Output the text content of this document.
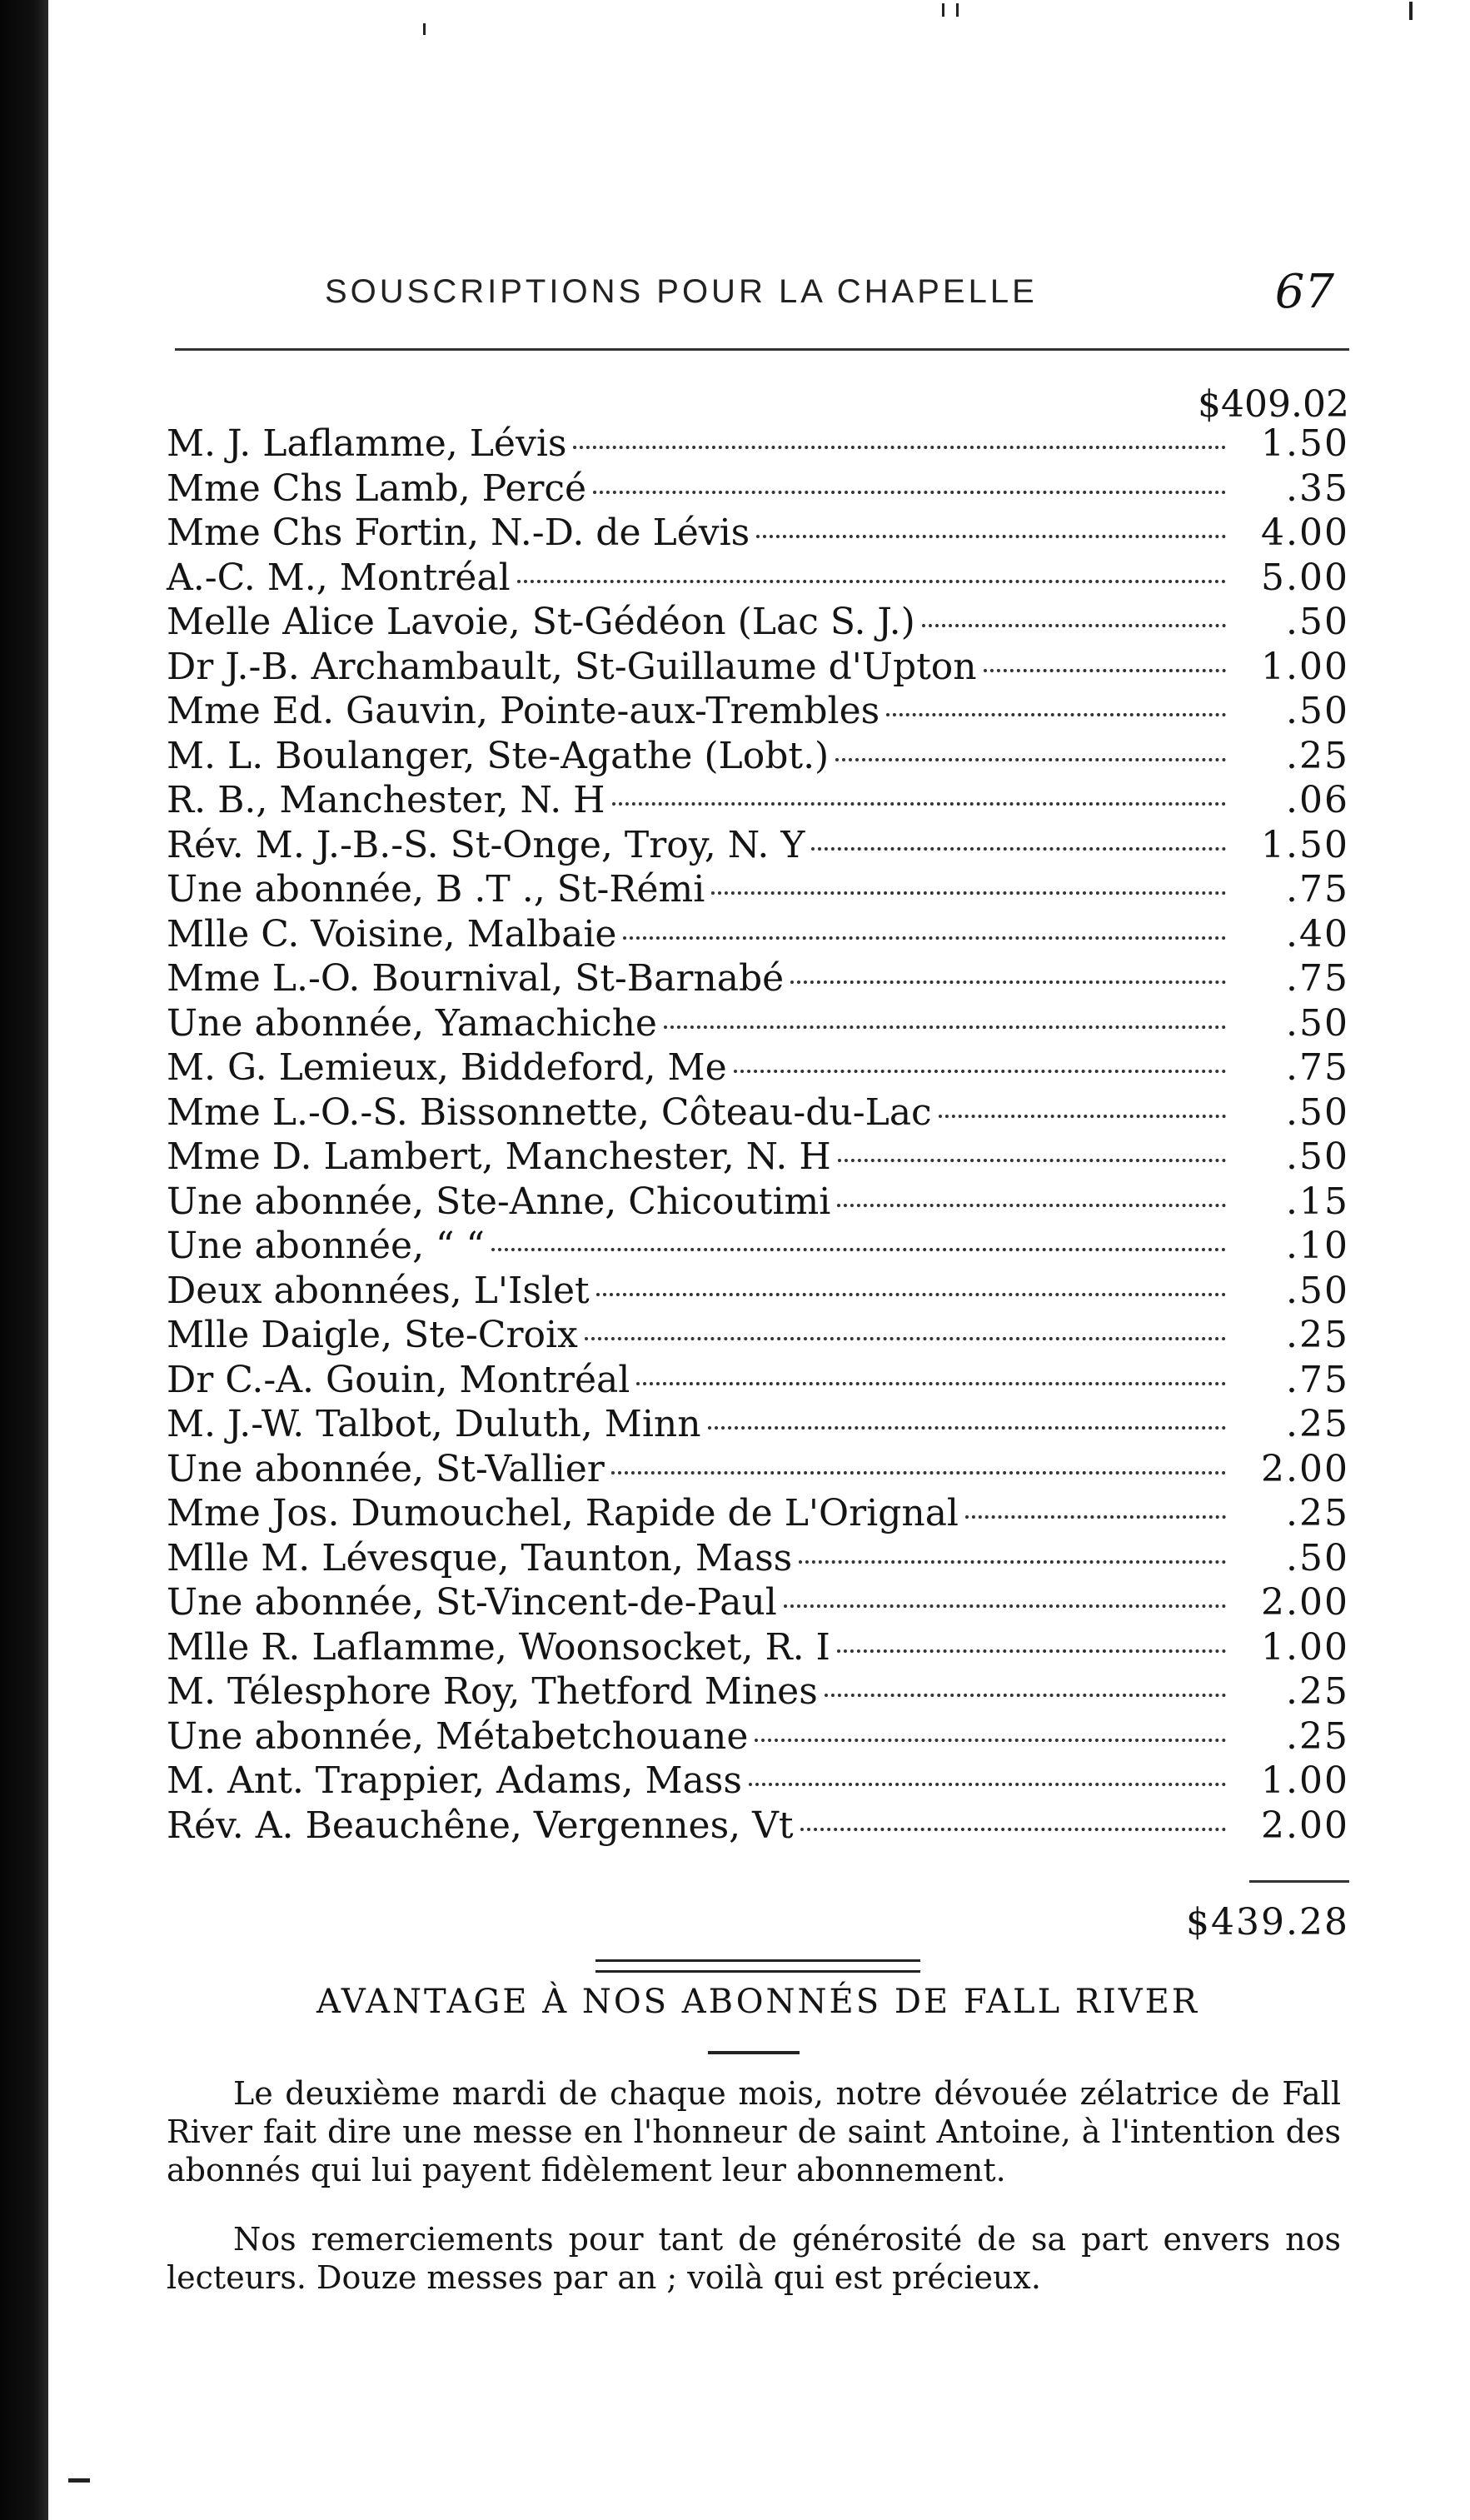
SOUSCRIPTIONS POUR LA CHAPELLE	67
$409.02
M. J. Laflamme, Lévis	1.50
Mme Chs Lamb, Percé	.35
Mme Chs Fortin, N.-D. de Lévis	4.00
A.-C. M., Montréal	5.00
Melle Alice Lavoie, St-Gédéon (Lac S. J.)	.50
Dr J.-B. Archambault, St-Guillaume d'Upton	1.00
Mme Ed. Gauvin, Pointe-aux-Trembles	.50
M. L. Boulanger, Ste-Agathe (Lobt.)	.25
R. B., Manchester, N. H	.06
Rév. M. J.-B.-S. St-Onge, Troy, N. Y	1.50
Une abonnée, B .T ., St-Rémi	.75
Mlle C. Voisine, Malbaie	.40
Mme L.-O. Bournival, St-Barnabé	.75
Une abonnée, Yamachiche	.50
M. G. Lemieux, Biddeford, Me	.75
Mme L.-O.-S. Bissonnette, Côteau-du-Lac	.50
Mme D. Lambert, Manchester, N. H	.50
Une abonnée, Ste-Anne, Chicoutimi	.15
Une abonnée, “ “	.10
Deux abonnées, L'Islet	.50
Mlle Daigle, Ste-Croix	.25
Dr C.-A. Gouin, Montréal	.75
M. J.-W. Talbot, Duluth, Minn	.25
Une abonnée, St-Vallier	2.00
Mme Jos. Dumouchel, Rapide de L'Orignal	.25
Mlle M. Lévesque, Taunton, Mass	.50
Une abonnée, St-Vincent-de-Paul	2.00
Mlle R. Laflamme, Woonsocket, R. I	1.00
M. Télesphore Roy, Thetford Mines	.25
Une abonnée, Métabetchouane	.25
M. Ant. Trappier, Adams, Mass	1.00
Rév. A. Beauchêne, Vergennes, Vt	2.00
$439.28
AVANTAGE À NOS ABONNÉS DE FALL RIVER
Le deuxième mardi de chaque mois, notre dévouée zélatrice de Fall River fait dire une messe en l'honneur de saint Antoine, à l'intention des abonnés qui lui payent fidèlement leur abonnement.
Nos remerciements pour tant de générosité de sa part envers nos lecteurs. Douze messes par an ; voilà qui est précieux.
